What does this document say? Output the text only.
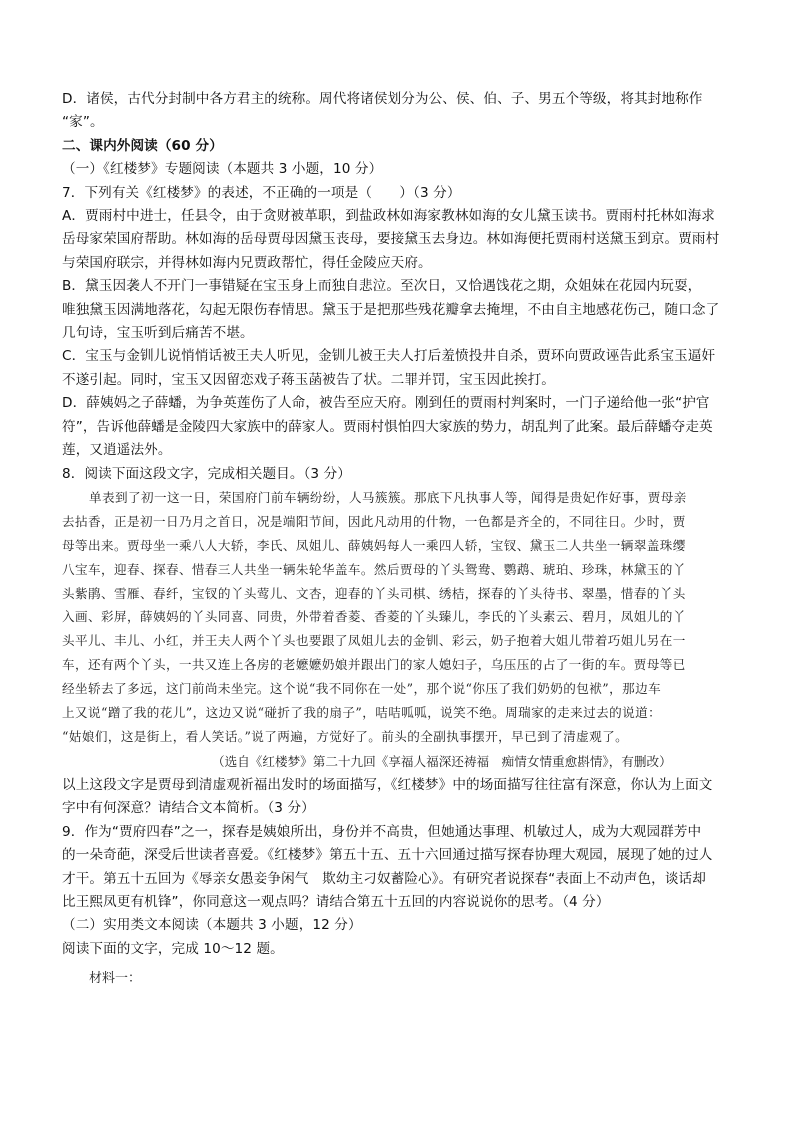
D．诸侯，古代分封制中各方君主的统称。周代将诸侯划分为公、侯、伯、子、男五个等级，将其封地称作
“家”。
二、课内外阅读（60 分）
（一）《红楼梦》专题阅读（本题共 3 小题，10 分）
7．下列有关《红楼梦》的表述，不正确的一项是（　　）（3 分）
A．贾雨村中进士，任县令，由于贪财被革职，到盐政林如海家教林如海的女儿黛玉读书。贾雨村托林如海求
岳母家荣国府帮助。林如海的岳母贾母因黛玉丧母，要接黛玉去身边。林如海便托贾雨村送黛玉到京。贾雨村
与荣国府联宗，并得林如海内兄贾政帮忙，得任金陵应天府。
B．黛玉因袭人不开门一事错疑在宝玉身上而独自悲泣。至次日，又恰遇饯花之期，众姐妹在花园内玩耍，
唯独黛玉因满地落花，勾起无限伤春情思。黛玉于是把那些残花瓣拿去掩埋，不由自主地感花伤己，随口念了
几句诗，宝玉听到后痛苦不堪。
C．宝玉与金钏儿说悄悄话被王夫人听见，金钏儿被王夫人打后羞愤投井自杀，贾环向贾政诬告此系宝玉逼奸
不遂引起。同时，宝玉又因留恋戏子蒋玉菡被告了状。二罪并罚，宝玉因此挨打。
D．薛姨妈之子薛蟠，为争英莲伤了人命，被告至应天府。刚到任的贾雨村判案时，一门子递给他一张“护官
符”，告诉他薛蟠是金陵四大家族中的薛家人。贾雨村惧怕四大家族的势力，胡乱判了此案。最后薛蟠夺走英
莲，又逍遥法外。
8．阅读下面这段文字，完成相关题目。（3 分）
单表到了初一这一日，荣国府门前车辆纷纷，人马簇簇。那底下凡执事人等，闻得是贵妃作好事，贾母亲
去拈香，正是初一日乃月之首日，况是端阳节间，因此凡动用的什物，一色都是齐全的，不同往日。少时，贾
母等出来。贾母坐一乘八人大轿，李氏、凤姐儿、薛姨妈每人一乘四人轿，宝钗、黛玉二人共坐一辆翠盖珠缨
八宝车，迎春、探春、惜春三人共坐一辆朱轮华盖车。然后贾母的丫头鸳鸯、鹦鹉、琥珀、珍珠，林黛玉的丫
头紫鹃、雪雁、春纤，宝钗的丫头莺儿、文杏，迎春的丫头司棋、绣桔，探春的丫头待书、翠墨，惜春的丫头
入画、彩屏，薛姨妈的丫头同喜、同贵，外带着香菱、香菱的丫头臻儿，李氏的丫头素云、碧月，凤姐儿的丫
头平儿、丰儿、小红，并王夫人两个丫头也要跟了凤姐儿去的金钏、彩云，奶子抱着大姐儿带着巧姐儿另在一
车，还有两个丫头，一共又连上各房的老嬷嬷奶娘并跟出门的家人媳妇子，乌压压的占了一街的车。贾母等已
经坐轿去了多远，这门前尚未坐完。这个说“我不同你在一处”，那个说“你压了我们奶奶的包袱”，那边车
上又说“蹭了我的花儿”，这边又说“碰折了我的扇子”，咭咭呱呱，说笑不绝。周瑞家的走来过去的说道：
“姑娘们，这是街上，看人笑话。”说了两遍，方觉好了。前头的全副执事摆开，早已到了清虚观了。
（选自《红楼梦》第二十九回《享福人福深还祷福　痴情女情重愈斟情》，有删改）
以上这段文字是贾母到清虚观祈福出发时的场面描写，《红楼梦》中的场面描写往往富有深意，你认为上面文
字中有何深意？请结合文本简析。（3 分）
9．作为“贾府四春”之一，探春是姨娘所出，身份并不高贵，但她通达事理、机敏过人，成为大观园群芳中
的一朵奇葩，深受后世读者喜爱。《红楼梦》第五十五、五十六回通过描写探春协理大观园，展现了她的过人
才干。第五十五回为《辱亲女愚妾争闲气　欺幼主刁奴蓄险心》。有研究者说探春“表面上不动声色，谈话却
比王熙凤更有机锋”，你同意这一观点吗？请结合第五十五回的内容说说你的思考。（4 分）
（二）实用类文本阅读（本题共 3 小题，12 分）
阅读下面的文字，完成 10～12 题。
材料一：
